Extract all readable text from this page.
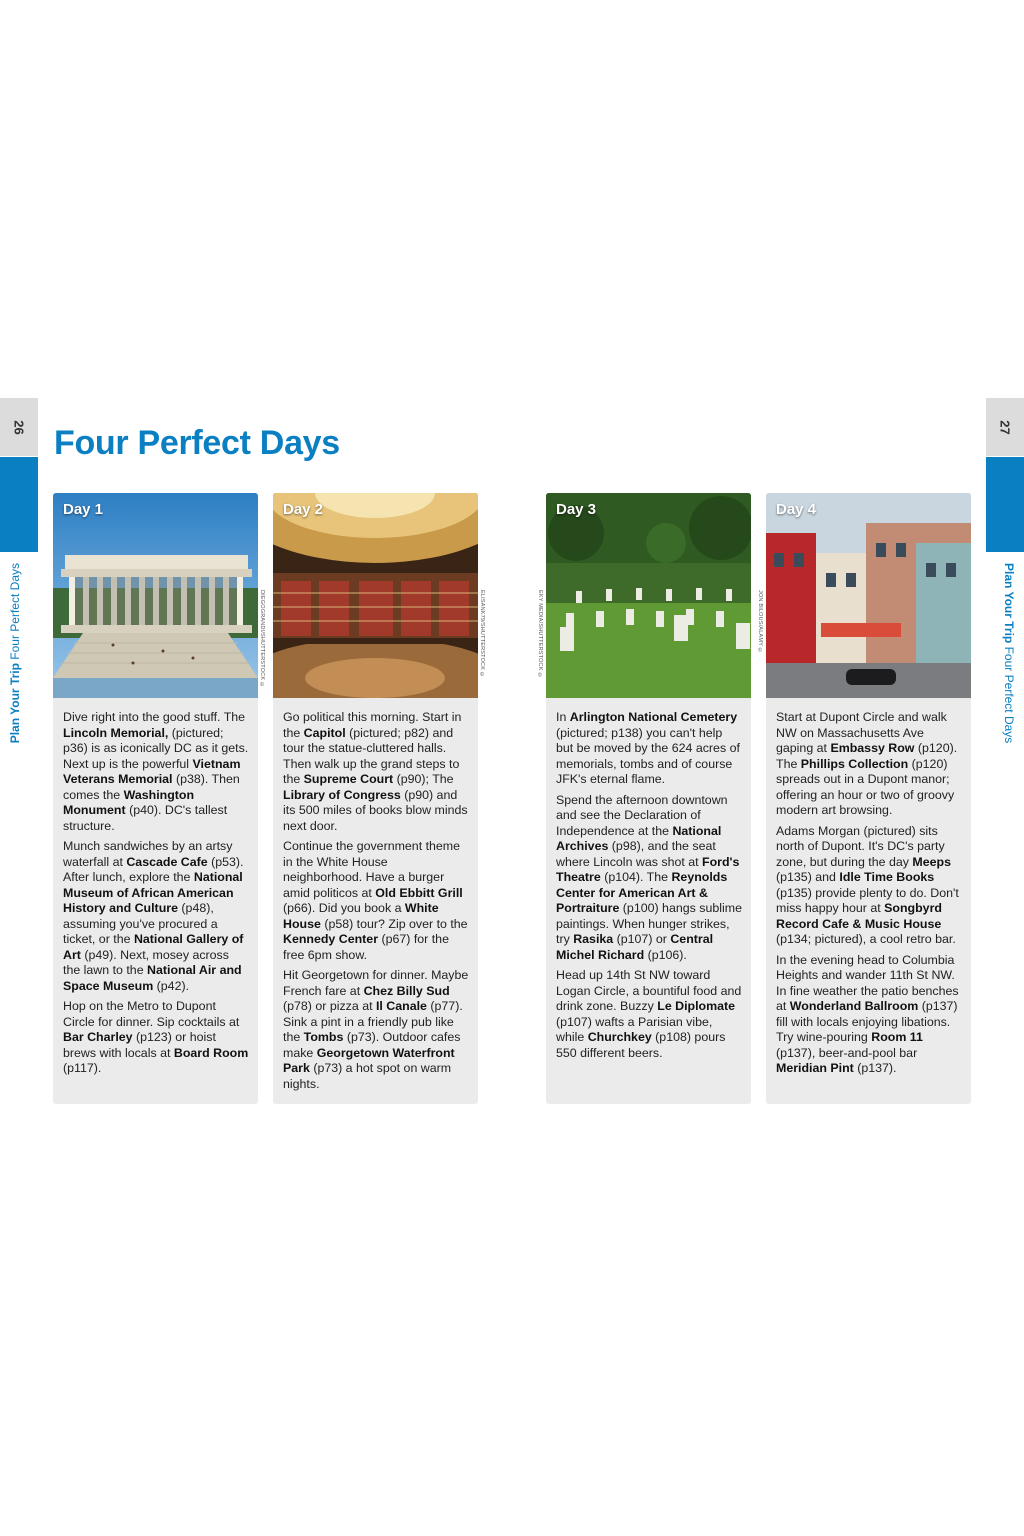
26
Plan Your Trip Four Perfect Days
27
Plan Your Trip Four Perfect Days
Four Perfect Days
Day 1

Dive right into the good stuff. The Lincoln Memorial, (pictured; p36) is as iconically DC as it gets. Next up is the powerful Vietnam Veterans Memorial (p38). Then comes the Washington Monument (p40). DC's tallest structure.

Munch sandwiches by an artsy waterfall at Cascade Cafe (p53). After lunch, explore the National Museum of African American History and Culture (p48), assuming you've procured a ticket, or the National Gallery of Art (p49). Next, mosey across the lawn to the National Air and Space Museum (p42).

Hop on the Metro to Dupont Circle for dinner. Sip cocktails at Bar Charley (p123) or hoist brews with locals at Board Room (p117).

DIEGOGRANDI/SHUTTERSTOCK ©
Day 2

Go political this morning. Start in the Capitol (pictured; p82) and tour the statue-cluttered halls. Then walk up the grand steps to the Supreme Court (p90); The Library of Congress (p90) and its 500 miles of books blow minds next door.

Continue the government theme in the White House neighborhood. Have a burger amid politicos at Old Ebbitt Grill (p66). Did you book a White House (p58) tour? Zip over to the Kennedy Center (p67) for the free 6pm show.

Hit Georgetown for dinner. Maybe French fare at Chez Billy Sud (p78) or pizza at Il Canale (p77). Sink a pint in a friendly pub like the Tombs (p73). Outdoor cafes make Georgetown Waterfront Park (p73) a hot spot on warm nights.

ELISANK79/SHUTTERSTOCK ©	EKY MEDIA/SHUTTERSTOCK ©
Day 3

In Arlington National Cemetery (pictured; p138) you can't help but be moved by the 624 acres of memorials, tombs and of course JFK's eternal flame.

Spend the afternoon downtown and see the Declaration of Independence at the National Archives (p98), and the seat where Lincoln was shot at Ford's Theatre (p104). The Reynolds Center for American Art & Portraiture (p100) hangs sublime paintings. When hunger strikes, try Rasika (p107) or Central Michel Richard (p106).

Head up 14th St NW toward Logan Circle, a bountiful food and drink zone. Buzzy Le Diplomate (p107) wafts a Parisian vibe, while Churchkey (p108) pours 550 different beers.

JON BILOUS/ALAMY ©
Day 4

Start at Dupont Circle and walk NW on Massachusetts Ave gaping at Embassy Row (p120). The Phillips Collection (p120) spreads out in a Dupont manor; offering an hour or two of groovy modern art browsing.

Adams Morgan (pictured) sits north of Dupont. It's DC's party zone, but during the day Meeps (p135) and Idle Time Books (p135) provide plenty to do. Don't miss happy hour at Songbyrd Record Cafe & Music House (p134; pictured), a cool retro bar.

In the evening head to Columbia Heights and wander 11th St NW. In fine weather the patio benches at Wonderland Ballroom (p137) fill with locals enjoying libations. Try wine-pouring Room 11 (p137), beer-and-pool bar Meridian Pint (p137).
